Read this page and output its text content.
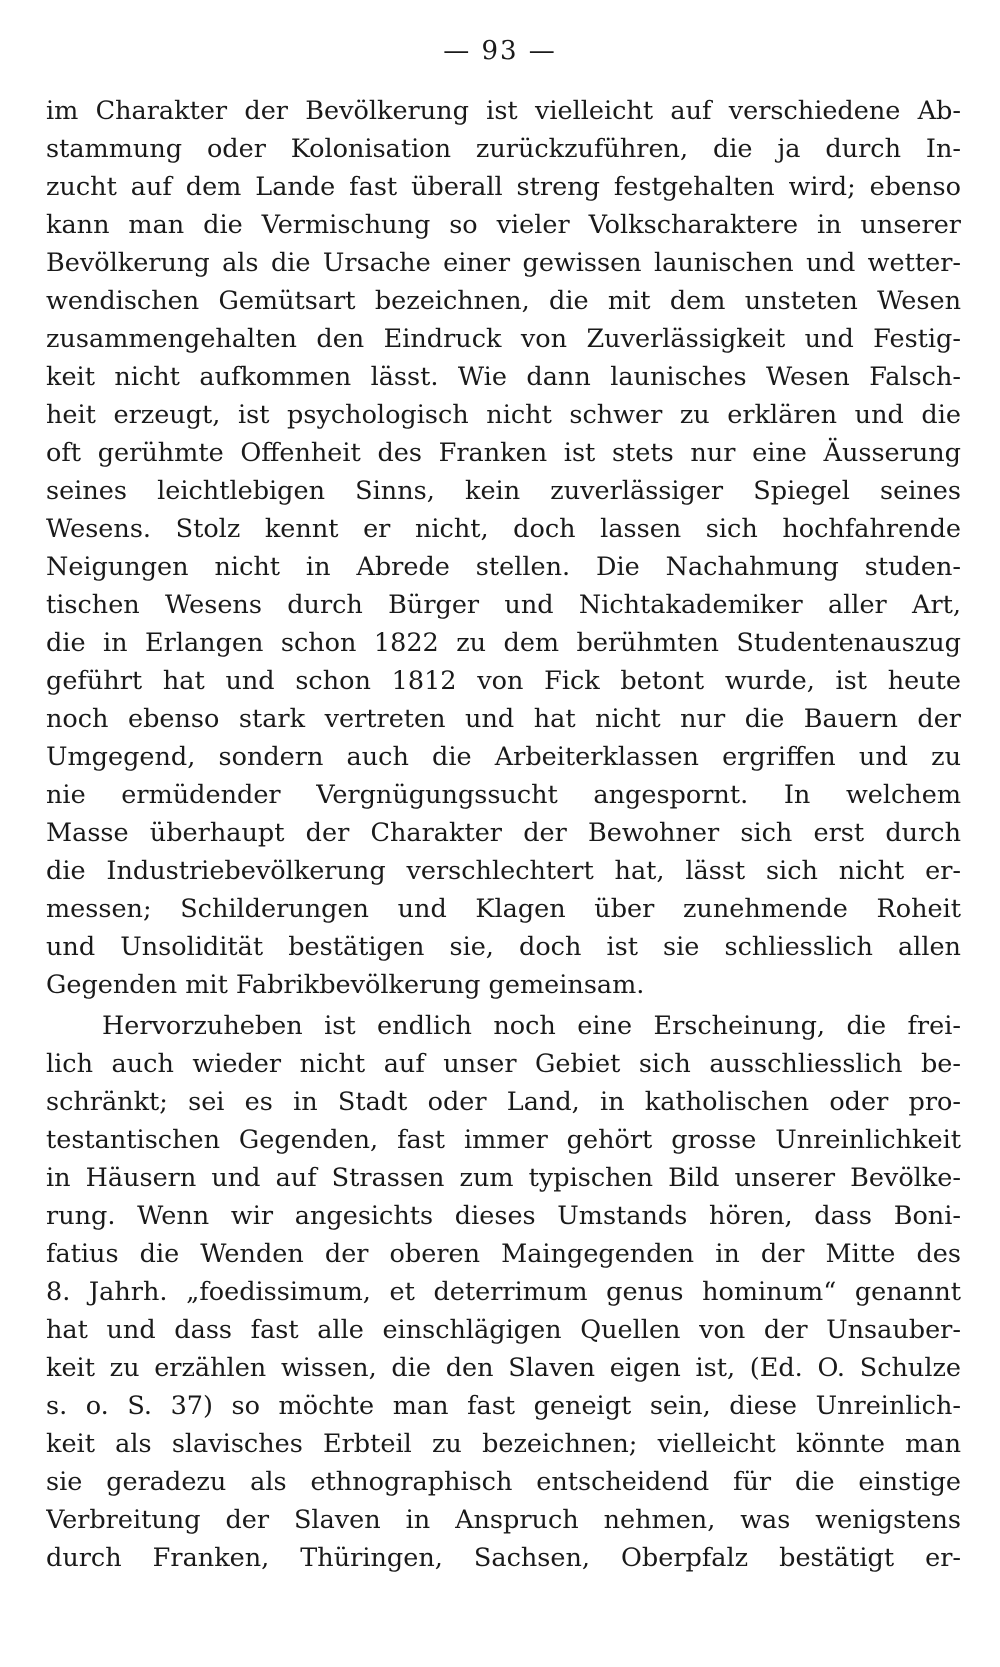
— 93 —
im Charakter der Bevölkerung ist vielleicht auf verschiedene Ab-
stammung oder Kolonisation zurückzuführen, die ja durch In-
zucht auf dem Lande fast überall streng festgehalten wird; ebenso
kann man die Vermischung so vieler Volkscharaktere in unserer
Bevölkerung als die Ursache einer gewissen launischen und wetter-
wendischen Gemütsart bezeichnen, die mit dem unsteten Wesen
zusammengehalten den Eindruck von Zuverlässigkeit und Festig-
keit nicht aufkommen lässt. Wie dann launisches Wesen Falsch-
heit erzeugt, ist psychologisch nicht schwer zu erklären und die
oft gerühmte Offenheit des Franken ist stets nur eine Äusserung
seines leichtlebigen Sinns, kein zuverlässiger Spiegel seines
Wesens. Stolz kennt er nicht, doch lassen sich hochfahrende
Neigungen nicht in Abrede stellen. Die Nachahmung studen-
tischen Wesens durch Bürger und Nichtakademiker aller Art,
die in Erlangen schon 1822 zu dem berühmten Studentenauszug
geführt hat und schon 1812 von Fick betont wurde, ist heute
noch ebenso stark vertreten und hat nicht nur die Bauern der
Umgegend, sondern auch die Arbeiterklassen ergriffen und zu
nie ermüdender Vergnügungssucht angespornt. In welchem
Masse überhaupt der Charakter der Bewohner sich erst durch
die Industriebevölkerung verschlechtert hat, lässt sich nicht er-
messen; Schilderungen und Klagen über zunehmende Roheit
und Unsolidität bestätigen sie, doch ist sie schliesslich allen
Gegenden mit Fabrikbevölkerung gemeinsam.
Hervorzuheben ist endlich noch eine Erscheinung, die frei-
lich auch wieder nicht auf unser Gebiet sich ausschliesslich be-
schränkt; sei es in Stadt oder Land, in katholischen oder pro-
testantischen Gegenden, fast immer gehört grosse Unreinlichkeit
in Häusern und auf Strassen zum typischen Bild unserer Bevölke-
rung. Wenn wir angesichts dieses Umstands hören, dass Boni-
fatius die Wenden der oberen Maingegenden in der Mitte des
8. Jahrh. „foedissimum, et deterrimum genus hominum“ genannt
hat und dass fast alle einschlägigen Quellen von der Unsauber-
keit zu erzählen wissen, die den Slaven eigen ist, (Ed. O. Schulze
s. o. S. 37) so möchte man fast geneigt sein, diese Unreinlich-
keit als slavisches Erbteil zu bezeichnen; vielleicht könnte man
sie geradezu als ethnographisch entscheidend für die einstige
Verbreitung der Slaven in Anspruch nehmen, was wenigstens
durch Franken, Thüringen, Sachsen, Oberpfalz bestätigt er-
